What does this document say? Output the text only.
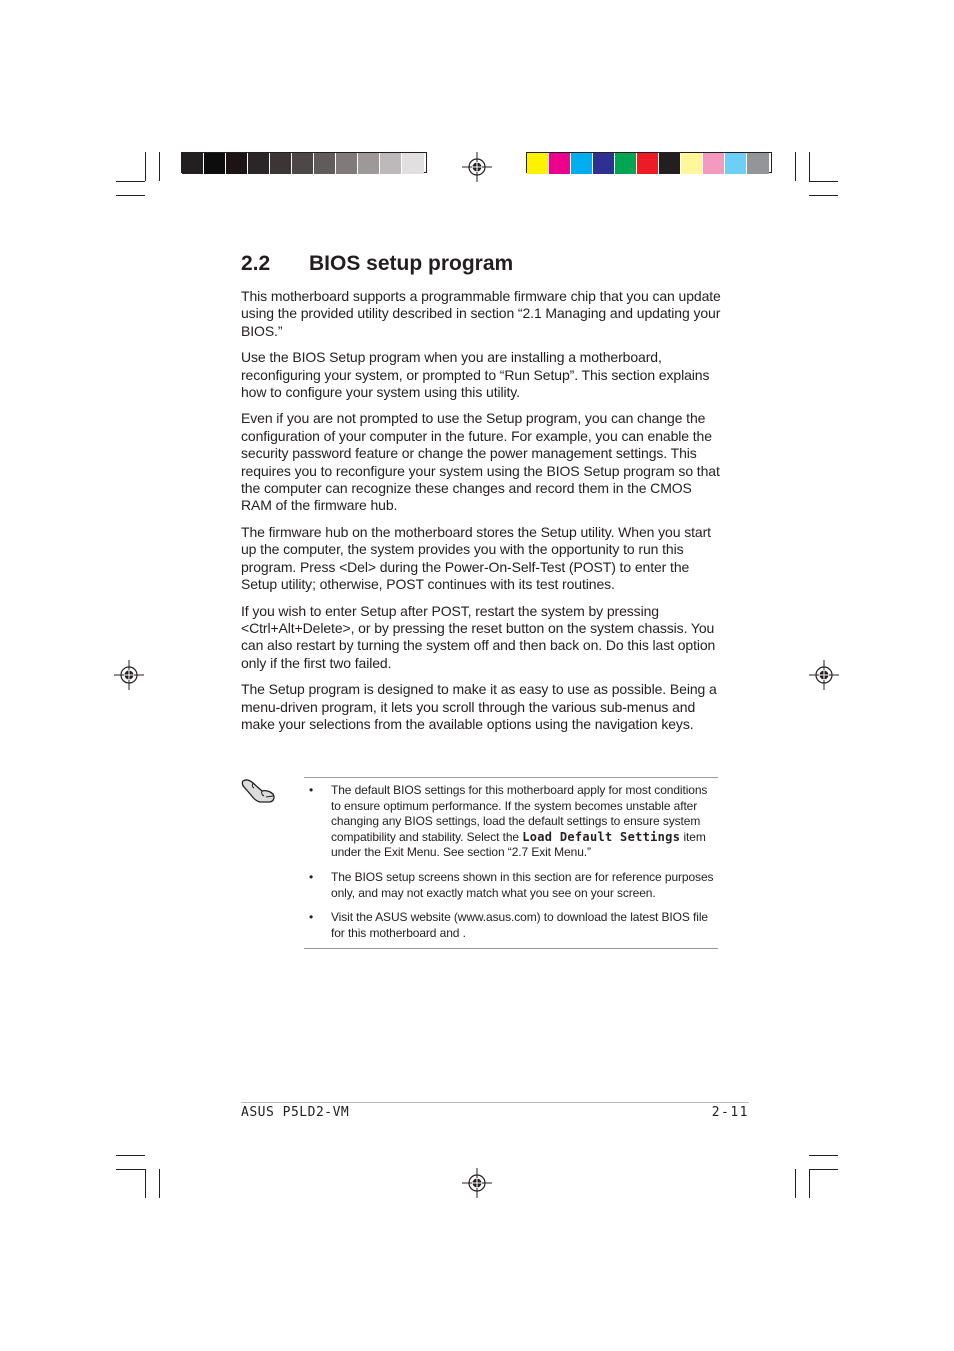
2.2 BIOS setup program

This motherboard supports a programmable firmware chip that you can update using the provided utility described in section “2.1 Managing and updating your BIOS.”

Use the BIOS Setup program when you are installing a motherboard, reconfiguring your system, or prompted to “Run Setup”. This section explains how to configure your system using this utility.

Even if you are not prompted to use the Setup program, you can change the configuration of your computer in the future. For example, you can enable the security password feature or change the power management settings. This requires you to reconfigure your system using the BIOS Setup program so that the computer can recognize these changes and record them in the CMOS RAM of the firmware hub.

The firmware hub on the motherboard stores the Setup utility. When you start up the computer, the system provides you with the opportunity to run this program. Press <Del> during the Power-On-Self-Test (POST) to enter the Setup utility; otherwise, POST continues with its test routines.

If you wish to enter Setup after POST, restart the system by pressing <Ctrl+Alt+Delete>, or by pressing the reset button on the system chassis. You can also restart by turning the system off and then back on. Do this last option only if the first two failed.

The Setup program is designed to make it as easy to use as possible. Being a menu-driven program, it lets you scroll through the various sub-menus and make your selections from the available options using the navigation keys.

• The default BIOS settings for this motherboard apply for most conditions to ensure optimum performance. If the system becomes unstable after changing any BIOS settings, load the default settings to ensure system compatibility and stability. Select the Load Default Settings item under the Exit Menu. See section “2.7 Exit Menu.”
• The BIOS setup screens shown in this section are for reference purposes only, and may not exactly match what you see on your screen.
• Visit the ASUS website (www.asus.com) to download the latest BIOS file for this motherboard and .
ASUS P5LD2-VM	2-11
